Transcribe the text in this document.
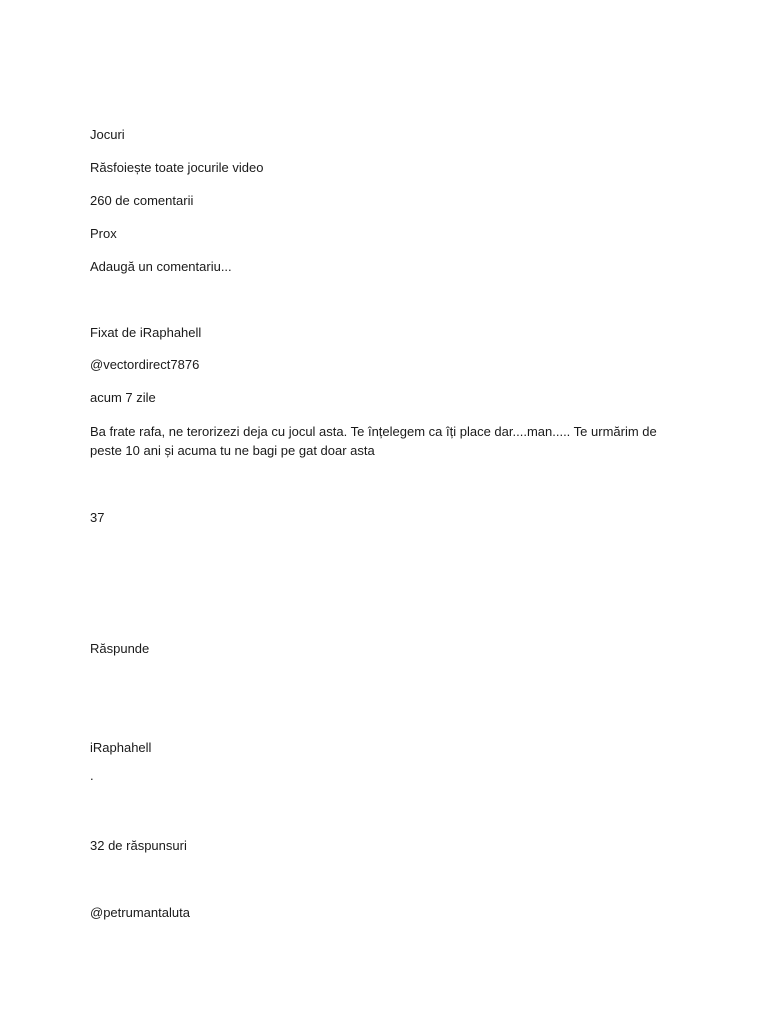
Jocuri
Răsfoiește toate jocurile video
260 de comentarii
Prox
Adaugă un comentariu...
Fixat de iRaphahell
@vectordirect7876
acum 7 zile
Ba frate rafa, ne terorizezi deja cu jocul asta. Te înțelegem ca îți place dar....man..... Te urmărim de peste 10 ani și acuma tu ne bagi pe gat doar asta
37
Răspunde
iRaphahell
.
32 de răspunsuri
@petrumantaluta
